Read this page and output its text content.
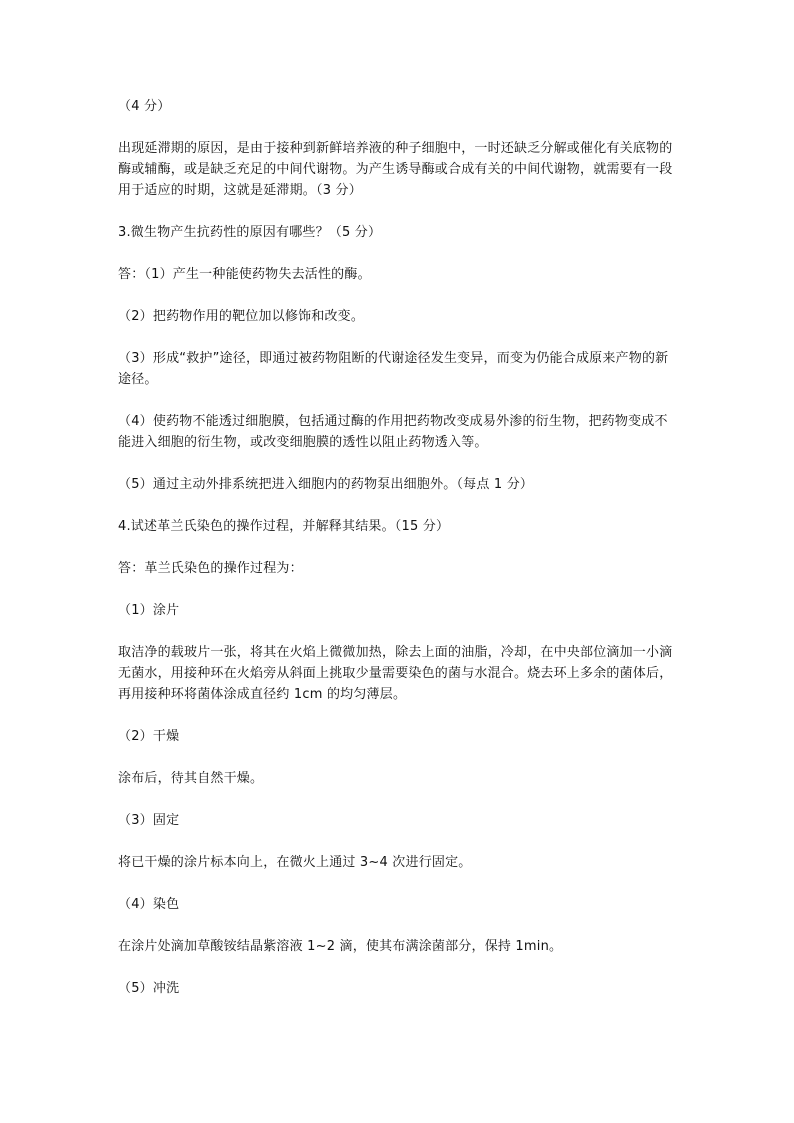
（4 分）

出现延滞期的原因，是由于接种到新鲜培养液的种子细胞中，一时还缺乏分解或催化有关底物的酶或辅酶，或是缺乏充足的中间代谢物。为产生诱导酶或合成有关的中间代谢物，就需要有一段用于适应的时期，这就是延滞期。（3 分）

3.微生物产生抗药性的原因有哪些？（5 分）

答：（1）产生一种能使药物失去活性的酶。

（2）把药物作用的靶位加以修饰和改变。

（3）形成“救护”途径，即通过被药物阻断的代谢途径发生变异，而变为仍能合成原来产物的新途径。

（4）使药物不能透过细胞膜，包括通过酶的作用把药物改变成易外渗的衍生物，把药物变成不能进入细胞的衍生物，或改变细胞膜的透性以阻止药物透入等。

（5）通过主动外排系统把进入细胞内的药物泵出细胞外。（每点 1 分）

4.试述革兰氏染色的操作过程，并解释其结果。（15 分）

答：革兰氏染色的操作过程为：

（1）涂片

取洁净的载玻片一张，将其在火焰上微微加热，除去上面的油脂，冷却，在中央部位滴加一小滴无菌水，用接种环在火焰旁从斜面上挑取少量需要染色的菌与水混合。烧去环上多余的菌体后，再用接种环将菌体涂成直径约 1cm 的均匀薄层。

（2）干燥

涂布后，待其自然干燥。

（3）固定

将已干燥的涂片标本向上，在微火上通过 3~4 次进行固定。

（4）染色

在涂片处滴加草酸铵结晶紫溶液 1~2 滴，使其布满涂菌部分，保持 1min。

（5）冲洗
